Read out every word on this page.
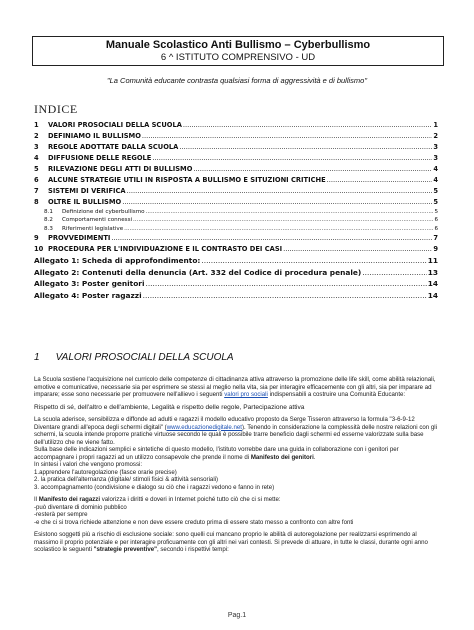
Manuale Scolastico Anti Bullismo – Cyberbullismo
6 ^ ISTITUTO COMPRENSIVO - UD
"La Comunità educante contrasta qualsiasi forma di aggressività e di bullismo"
INDICE
1	VALORI PROSOCIALI DELLA SCUOLA .....	1
2	DEFINIAMO IL BULLISMO .....	2
3	REGOLE ADOTTATE DALLA SCUOLA .....	3
4	DIFFUSIONE DELLE REGOLE .....	3
5	RILEVAZIONE DEGLI ATTI DI BULLISMO .....	4
6	ALCUNE STRATEGIE UTILI IN RISPOSTA A BULLISMO E SITUZIONI CRITICHE .....	4
7	SISTEMI DI VERIFICA .....	5
8	OLTRE IL BULLISMO .....	5
8.1	Definizione del cyberbullismo .....	5
8.2	Comportamenti connessi .....	6
8.3	Riferimenti legislative .....	6
9	PROVVEDIMENTI .....	7
10 PROCEDURA PER L'INDIVIDUAZIONE E IL CONTRASTO DEI CASI .....	9
Allegato 1: Scheda di approfondimento: .....	11
Allegato 2: Contenuti della denuncia (Art. 332 del Codice di procedura penale) .....	13
Allegato 3: Poster genitori .....	14
Allegato 4: Poster ragazzi .....	14
1 VALORI PROSOCIALI DELLA SCUOLA

La Scuola sostiene l'acquisizione nel curricolo delle competenze di cittadinanza attiva attraverso la promozione delle life skill, come abilità relazionali, emotive e comunicative, necessarie sia per esprimere se stessi al meglio nella vita, sia per interagire efficacemente con gli altri, sia per imparare ad imparare; esse sono necessarie per promuovere nell'allievo i seguenti valori pro sociali indispensabili a costruire una Comunità Educante:

Rispetto di sé, dell'altro e dell'ambiente, Legalità e rispetto delle regole, Partecipazione attiva

La scuola aderisce, sensibilizza e diffonde ad adulti e ragazzi il modello educativo proposto da Serge Tisseron attraverso la formula "3-6-9-12 Diventare grandi all'epoca degli schermi digitali" (www.educazionedigitale.net). Tenendo in considerazione la complessità delle nostre relazioni con gli schermi, la scuola intende proporre pratiche virtuose secondo le quali è possibile trarre beneficio dagli schermi ed esserne valorizzate sulla base dell'utilizzo che ne viene fatto.

Sulla base delle indicazioni semplici e sintetiche di questo modello, l'istituto vorrebbe dare una guida in collaborazione con i genitori per accompagnare i propri ragazzi ad un utilizzo consapevole che prende il nome di Manifesto dei genitori.

In sintesi i valori che vengono promossi:

1.apprendere l'autoregolazione (fasce orarie precise)

2. la pratica dell'alternanza (digitale/ stimoli fisici & attività sensoriali)

3. accompagnamento (condivisione e dialogo su ciò che i ragazzi vedono e fanno in rete)

Il Manifesto dei ragazzi valorizza i diritti e doveri in Internet poiché tutto ciò che ci si mette:

-può diventare di dominio pubblico

-resterà per sempre

-e che ci si trova richiede attenzione e non deve essere creduto prima di essere stato messo a confronto con altre fonti

Esistono soggetti più a rischio di esclusione sociale: sono quelli cui mancano proprio le abilità di autoregolazione per realizzarsi esprimendo al massimo il proprio potenziale e per interagire proficuamente con gli altri nei vari contesti. Si prevede di attuare, in tutte le classi, durante ogni anno scolastico le seguenti "strategie preventive", secondo i rispettivi tempi:

Pag.1
